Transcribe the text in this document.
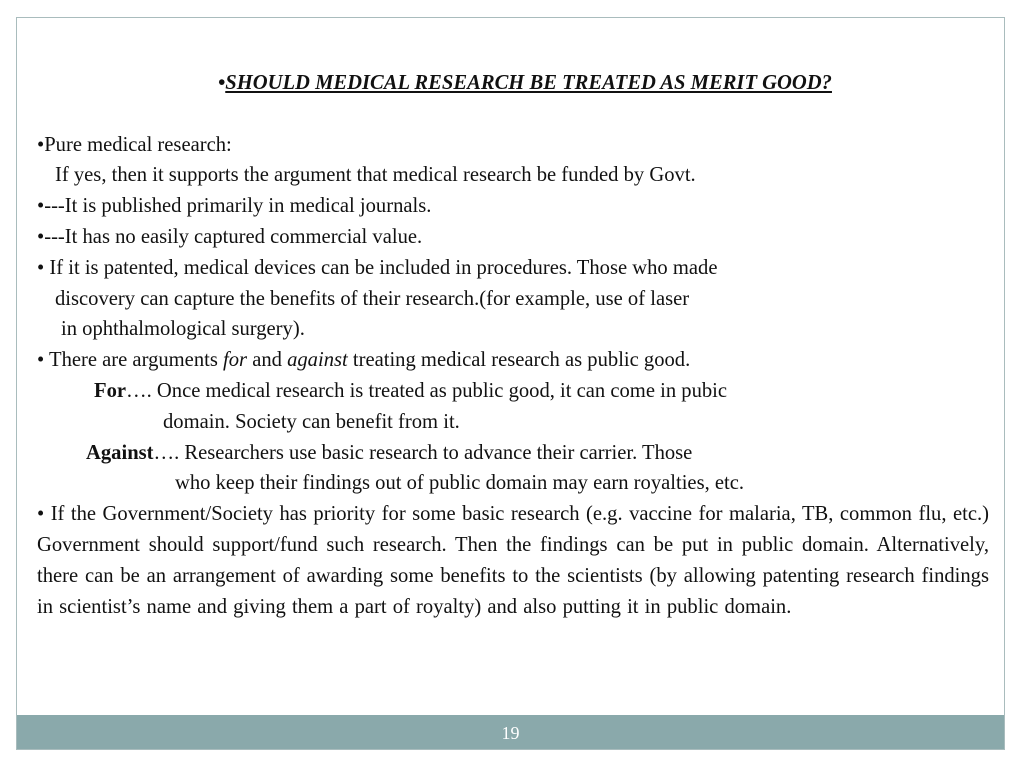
•SHOULD MEDICAL RESEARCH BE TREATED AS MERIT GOOD?
•Pure medical research:
If yes, then it supports the argument that medical research be funded by Govt.
•---It is published primarily in medical journals.
•---It has no easily captured commercial value.
• If it is patented, medical devices can be included in procedures. Those who made
discovery can capture the benefits of their research.(for example, use of laser
in ophthalmological surgery).
• There are arguments for and against treating medical research as public good.
For…. Once medical research is treated as public good, it can come in pubic
domain. Society can benefit from it.
Against…. Researchers use basic research to advance their carrier. Those
who keep their findings out of public domain may earn royalties, etc.
• If the Government/Society has priority for some basic research (e.g. vaccine for malaria, TB, common flu, etc.) Government should support/fund such research. Then the findings can be put in public domain. Alternatively, there can be an arrangement of awarding some benefits to the scientists (by allowing patenting research findings in scientist’s name and giving them a part of royalty) and also putting it in public domain.
19
